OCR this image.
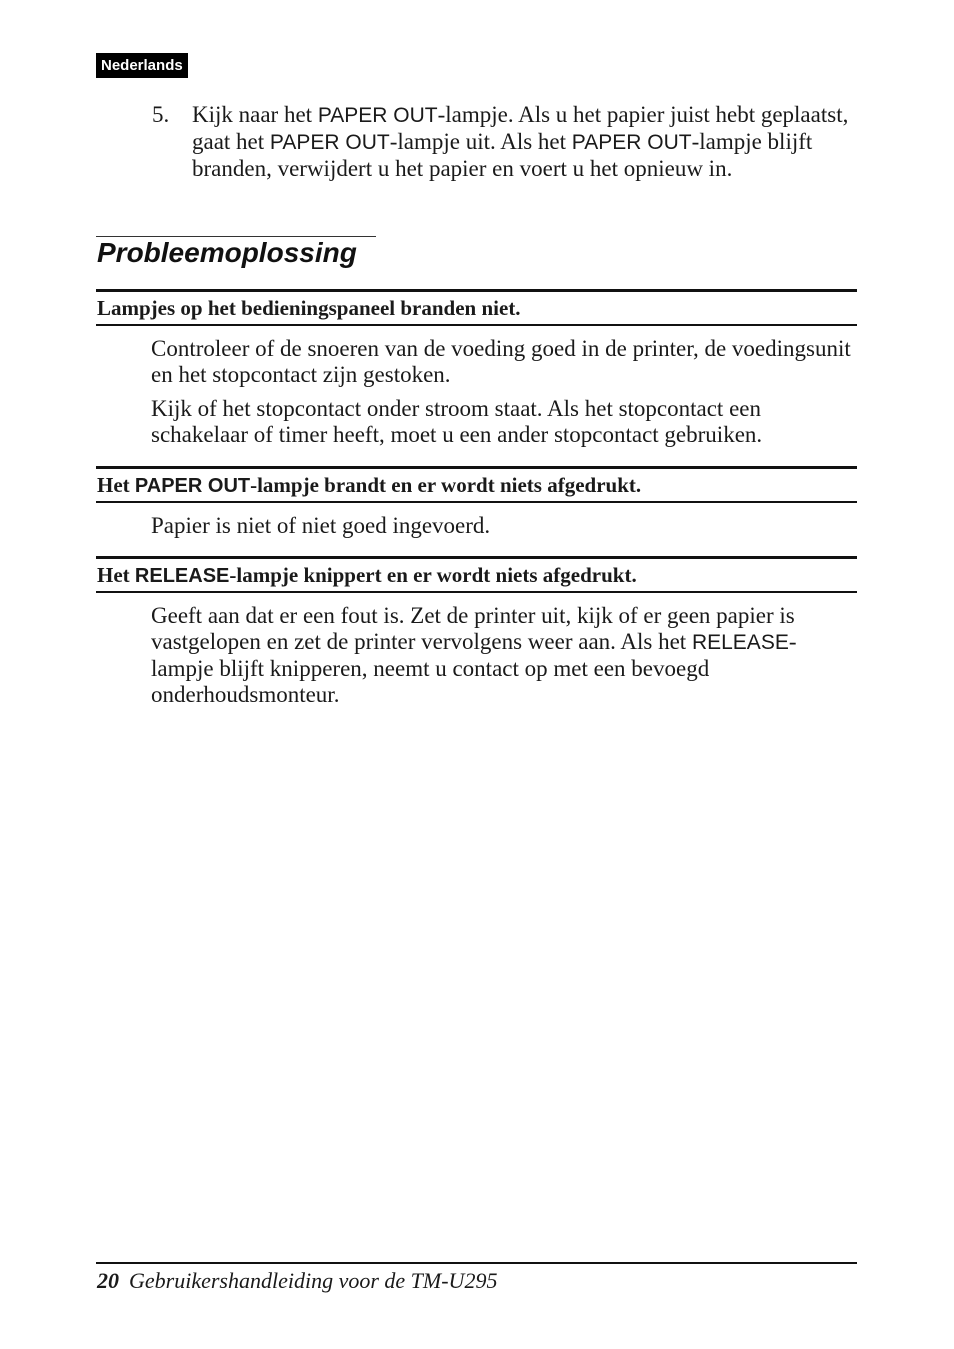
Nederlands
5. Kijk naar het PAPER OUT-lampje. Als u het papier juist hebt geplaatst, gaat het PAPER OUT-lampje uit. Als het PAPER OUT-lampje blijft branden, verwijdert u het papier en voert u het opnieuw in.
Probleemoplossing
Lampjes op het bedieningspaneel branden niet.

Controleer of de snoeren van de voeding goed in de printer, de voedingsunit en het stopcontact zijn gestoken.

Kijk of het stopcontact onder stroom staat. Als het stopcontact een schakelaar of timer heeft, moet u een ander stopcontact gebruiken.

Het PAPER OUT-lampje brandt en er wordt niets afgedrukt.

Papier is niet of niet goed ingevoerd.

Het RELEASE-lampje knippert en er wordt niets afgedrukt.

Geeft aan dat er een fout is. Zet de printer uit, kijk of er geen papier is vastgelopen en zet de printer vervolgens weer aan. Als het RELEASE-lampje blijft knipperen, neemt u contact op met een bevoegd onderhoudsmonteur.

20 Gebruikershandleiding voor de TM-U295
